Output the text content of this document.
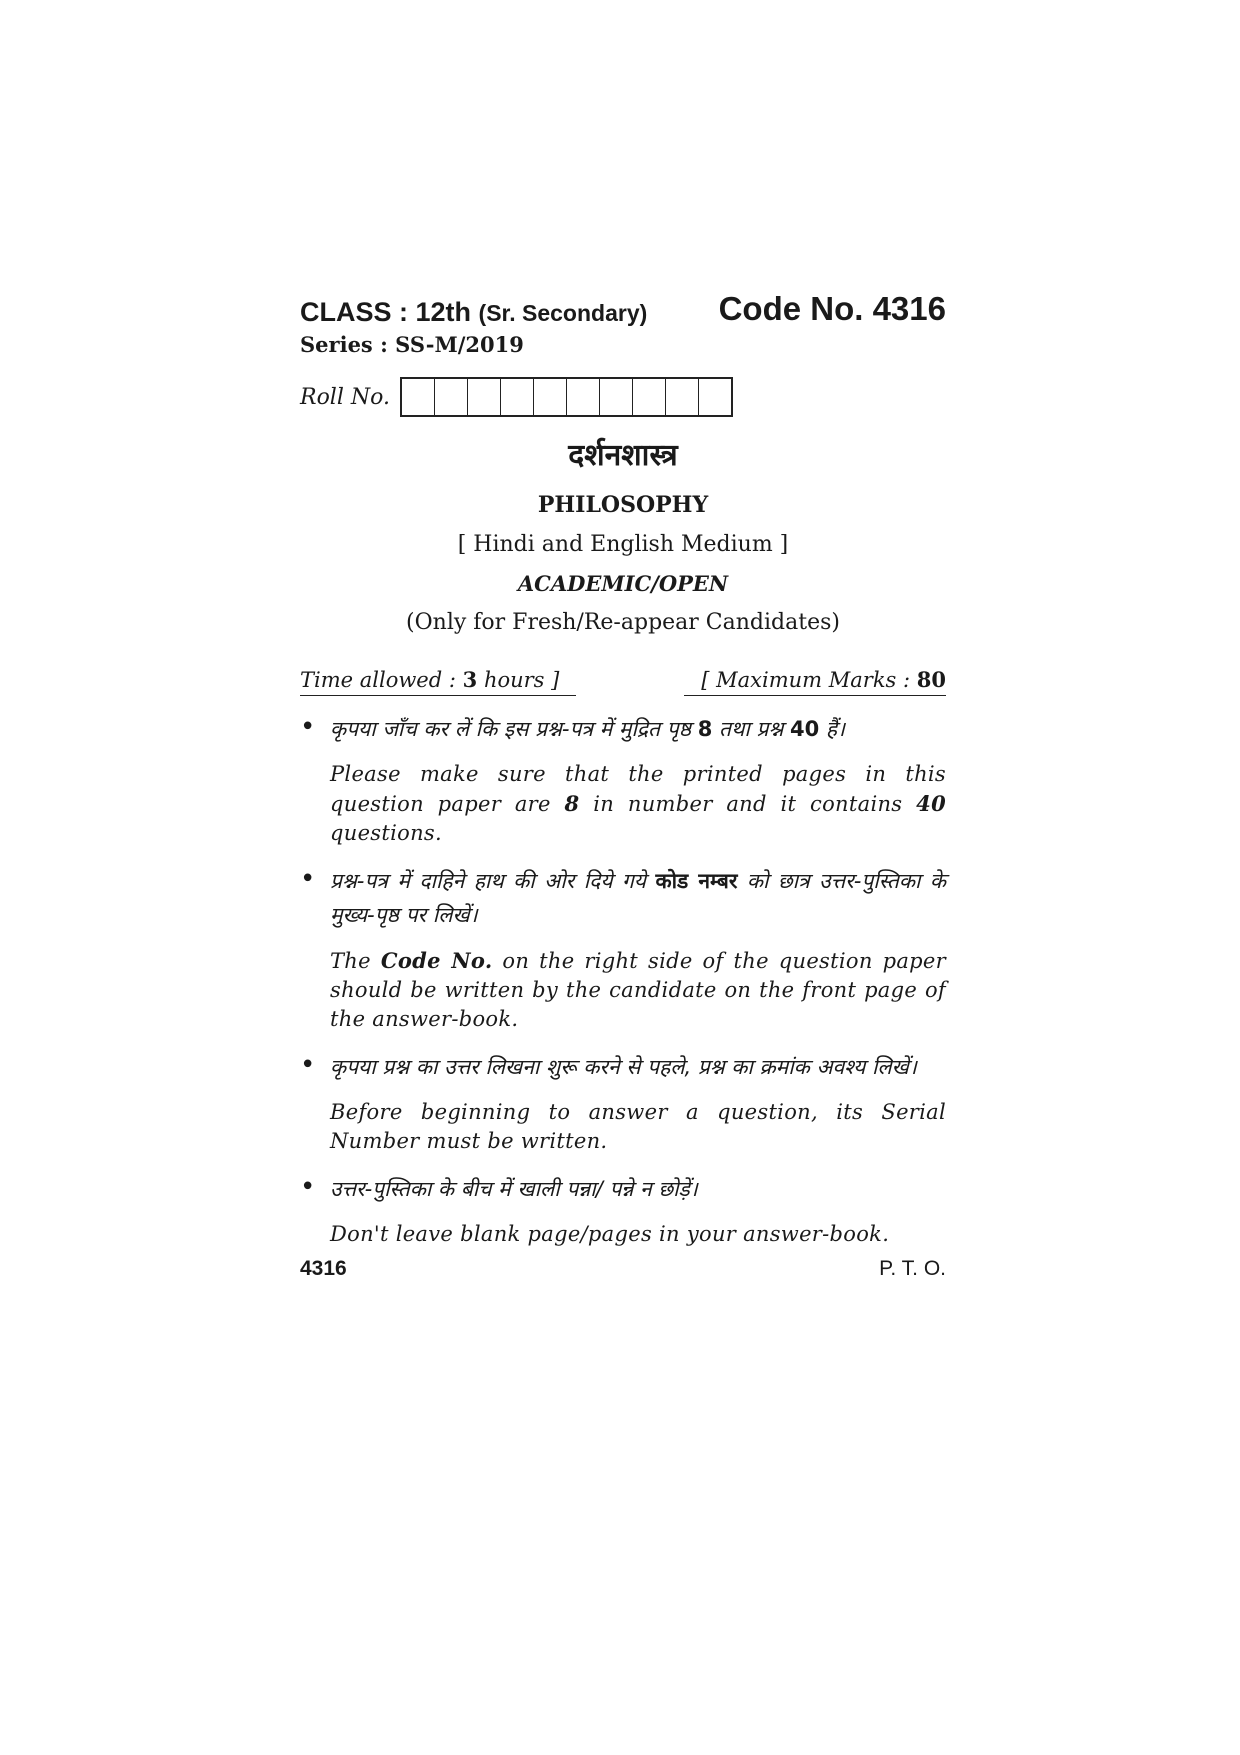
CLASS : 12th (Sr. Secondary) Code No. 4316
Series : SS-M/2019
Roll No.
दर्शनशास्त्र
PHILOSOPHY
[ Hindi and English Medium ]
ACADEMIC/OPEN
(Only for Fresh/Re-appear Candidates)
Time allowed : 3 hours ]	[ Maximum Marks : 80
• कृपया जाँच कर लें कि इस प्रश्न-पत्र में मुद्रित पृष्ठ 8 तथा प्रश्न 40 हैं।
Please make sure that the printed pages in this question paper are 8 in number and it contains 40 questions.
• प्रश्न-पत्र में दाहिने हाथ की ओर दिये गये कोड नम्बर को छात्र उत्तर-पुस्तिका के मुख्य-पृष्ठ पर लिखें।
The Code No. on the right side of the question paper should be written by the candidate on the front page of the answer-book.
• कृपया प्रश्न का उत्तर लिखना शुरू करने से पहले, प्रश्न का क्रमांक अवश्य लिखें।
Before beginning to answer a question, its Serial Number must be written.
• उत्तर-पुस्तिका के बीच में खाली पन्ना/ पन्ने न छोड़ें।
Don't leave blank page/pages in your answer-book.
4316	P. T. O.
